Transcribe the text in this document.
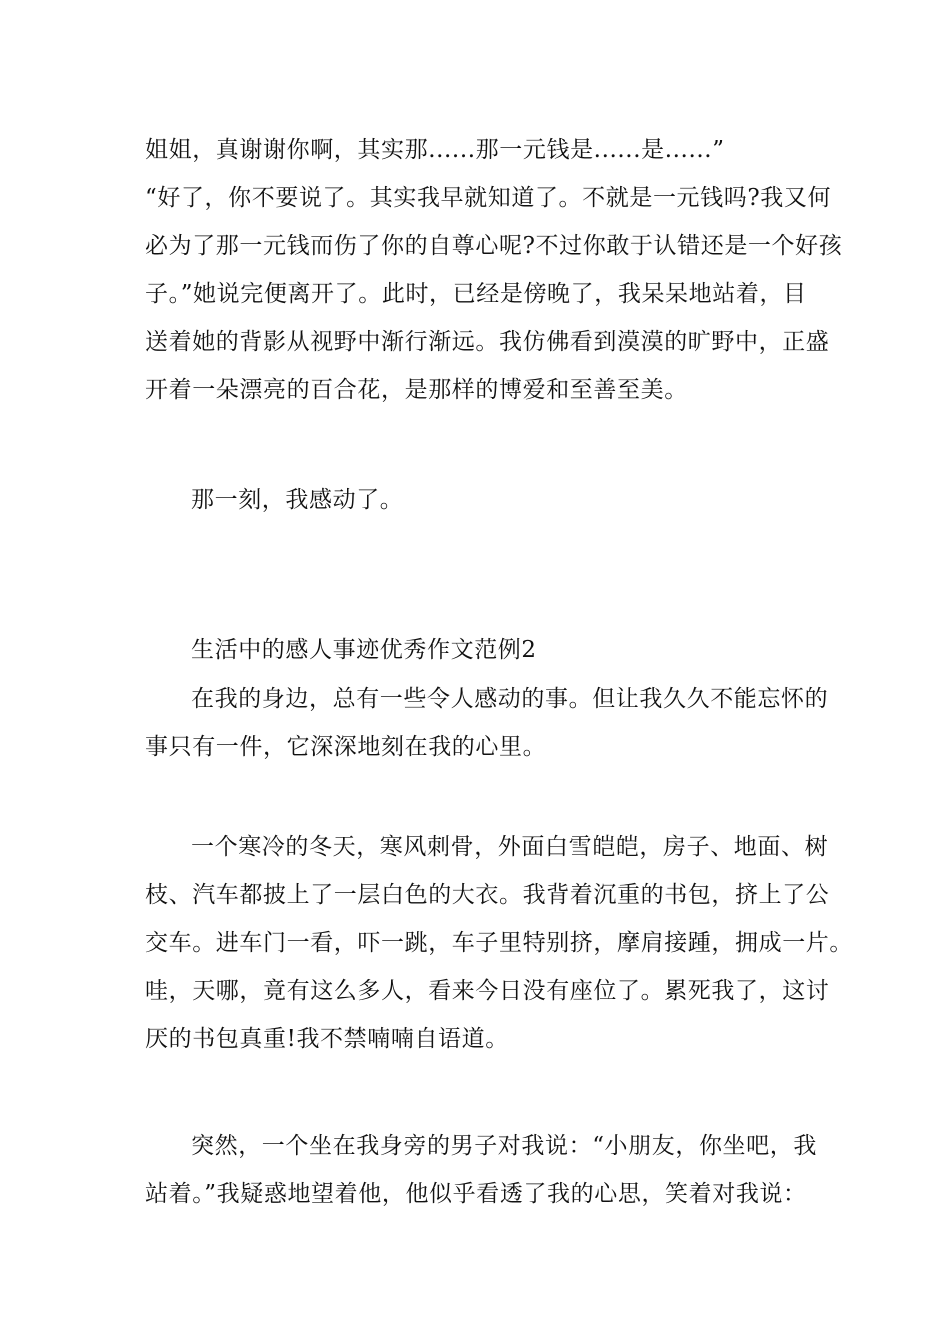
姐姐，真谢谢你啊，其实那......那一元钱是......是......”
“好了，你不要说了。其实我早就知道了。不就是一元钱吗?我又何
必为了那一元钱而伤了你的自尊心呢?不过你敢于认错还是一个好孩
子。”她说完便离开了。此时，已经是傍晚了，我呆呆地站着，目
送着她的背影从视野中渐行渐远。我仿佛看到漠漠的旷野中，正盛
开着一朵漂亮的百合花，是那样的博爱和至善至美。
那一刻，我感动了。
生活中的感人事迹优秀作文范例2
在我的身边，总有一些令人感动的事。但让我久久不能忘怀的
事只有一件，它深深地刻在我的心里。
一个寒冷的冬天，寒风刺骨，外面白雪皑皑，房子、地面、树
枝、汽车都披上了一层白色的大衣。我背着沉重的书包，挤上了公
交车。进车门一看，吓一跳，车子里特别挤，摩肩接踵，拥成一片。
哇，天哪，竟有这么多人，看来今日没有座位了。累死我了，这讨
厌的书包真重!我不禁喃喃自语道。
突然，一个坐在我身旁的男子对我说：“小朋友，你坐吧，我
站着。”我疑惑地望着他，他似乎看透了我的心思，笑着对我说：
